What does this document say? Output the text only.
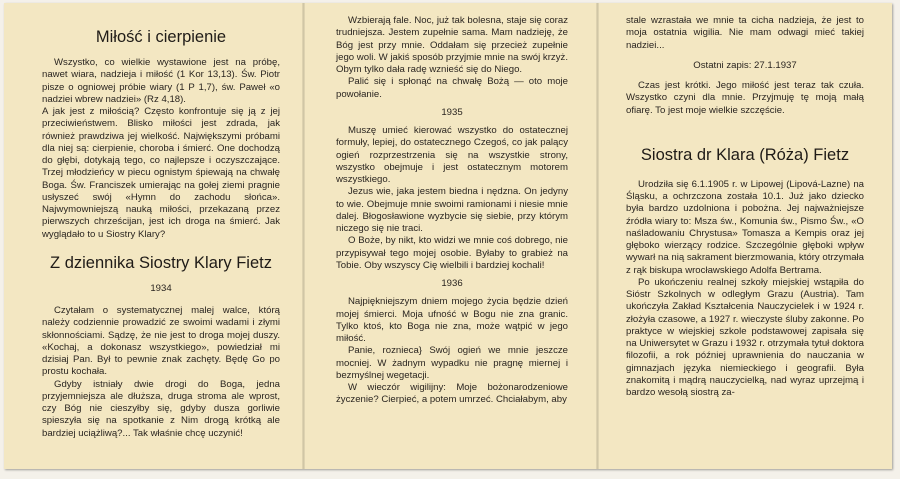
Miłość i cierpienie

Wszystko, co wielkie wystawione jest na próbę, nawet wiara, nadzieja i miłość (1 Kor 13,13). Św. Piotr pisze o ogniowej próbie wiary (1 P 1,7), św. Paweł «o nadziei wbrew nadziei» (Rz 4,18).

A jak jest z miłością? Często konfrontuje się ją z jej przeciwieństwem. Blisko miłości jest zdrada, jak również prawdziwa jej wielkość. Największymi próbami dla niej są: cierpienie, choroba i śmierć. One dochodzą do głębi, dotykają tego, co najlepsze i oczyszczające. Trzej młodzieńcy w piecu ognistym śpiewają na chwałę Boga. Św. Franciszek umierając na gołej ziemi pragnie usłyszeć swój «Hymn do zachodu słońca». Najwymowniejszą nauką miłości, przekazaną przez pierwszych chrześcijan, jest ich droga na śmierć. Jak wyglądało to u Siostry Klary?

Z dziennika Siostry Klary Fietz
1934

Czytałam o systematycznej malej walce, którą należy codziennie prowadzić ze swoimi wadami i złymi skłonnościami. Sądzę, że nie jest to droga mojej duszy. «Kochaj, a dokonasz wszystkiego», powiedział mi dzisiaj Pan. Był to pewnie znak zachęty. Będę Go po prostu kochała.

Gdyby istniały dwie drogi do Boga, jedna przyjemniejsza ale dłuższa, druga stroma ale wprost, czy Bóg nie cieszyłby się, gdyby dusza gorliwie spieszyła się na spotkanie z Nim drogą krótką ale bardziej uciążliwą?... Tak właśnie chcę uczynić!

Wzbierają fale. Noc, już tak bolesna, staje się coraz trudniejsza. Jestem zupełnie sama. Mam nadzieję, że Bóg jest przy mnie. Oddałam się przecież zupełnie jego woli. W jakiś sposób przyjmie mnie na swój krzyż. Obym tylko dała radę wznieść się do Niego.

Palić się i spłonąć na chwałę Bożą — oto moje powołanie.

1935

Muszę umieć kierować wszystko do ostatecznej formuły, lepiej, do ostatecznego Czegoś, co jak palący ogień rozprzestrzenia się na wszystkie strony, wszystko obejmuje i jest ostatecznym motorem wszystkiego.

Jezus wie, jaka jestem biedna i nędzna. On jedyny to wie. Obejmuje mnie swoimi ramionami i niesie mnie dalej. Błogosławione wyzbycie się siebie, przy którym niczego się nie traci.

O Boże, by nikt, kto widzi we mnie coś dobrego, nie przypisywał tego mojej osobie. Byłaby to grabież na Tobie. Oby wszyscy Cię wielbili i bardziej kochali!

1936

Najpiękniejszym dniem mojego życia będzie dzień mojej śmierci. Moja ufność w Bogu nie zna granic. Tylko ktoś, kto Boga nie zna, może wątpić w jego miłość.

Panie, roznieca} Swój ogień we mnie jeszcze mocniej. W żadnym wypadku nie pragnę miernej i bezmyślnej wegetacji.

W wieczór wigilijny: Moje bożonarodzeniowe życzenie? Cierpieć, a potem umrzeć. Chciałabym, aby

stale wzrastała we mnie ta cicha nadzieja, że jest to moja ostatnia wigilia. Nie mam odwagi mieć takiej nadziei...

Ostatni zapis: 27.1.1937

Czas jest krótki. Jego miłość jest teraz tak czuła. Wszystko czyni dla mnie. Przyjmuję tę moją małą ofiarę. To jest moje wielkie szczęście.

Siostra dr Klara (Róża) Fietz

Urodziła się 6.1.1905 r. w Lipowej (Lipová-Lazne) na Śląsku, a ochrzczona została 10.1. Już jako dziecko była bardzo uzdolniona i pobożna. Jej najważniejsze źródła wiary to: Msza św., Komunia św., Pismo Św., «O naśladowaniu Chrystusa» Tomasza a Kempis oraz jej głęboko wierzący rodzice. Szczególnie głęboki wpływ wywarł na nią sakrament bierzmowania, który otrzymała z rąk biskupa wrocławskiego Adolfa Bertrama.

Po ukończeniu realnej szkoły miejskiej wstąpiła do Sióstr Szkolnych w odległym Grazu (Austria). Tam ukończyła Zakład Kształcenia Nauczycielek i w 1924 r. złożyła czasowe, a 1927 r. wieczyste śluby zakonne. Po praktyce w wiejskiej szkole podstawowej zapisała się na Uniwersytet w Grazu i 1932 r. otrzymała tytuł doktora filozofii, a rok później uprawnienia do nauczania w gimnazjach języka niemieckiego i geografii. Była znakomitą i mądrą nauczycielką, nad wyraz uprzejmą i bardzo wesołą siostrą za-
